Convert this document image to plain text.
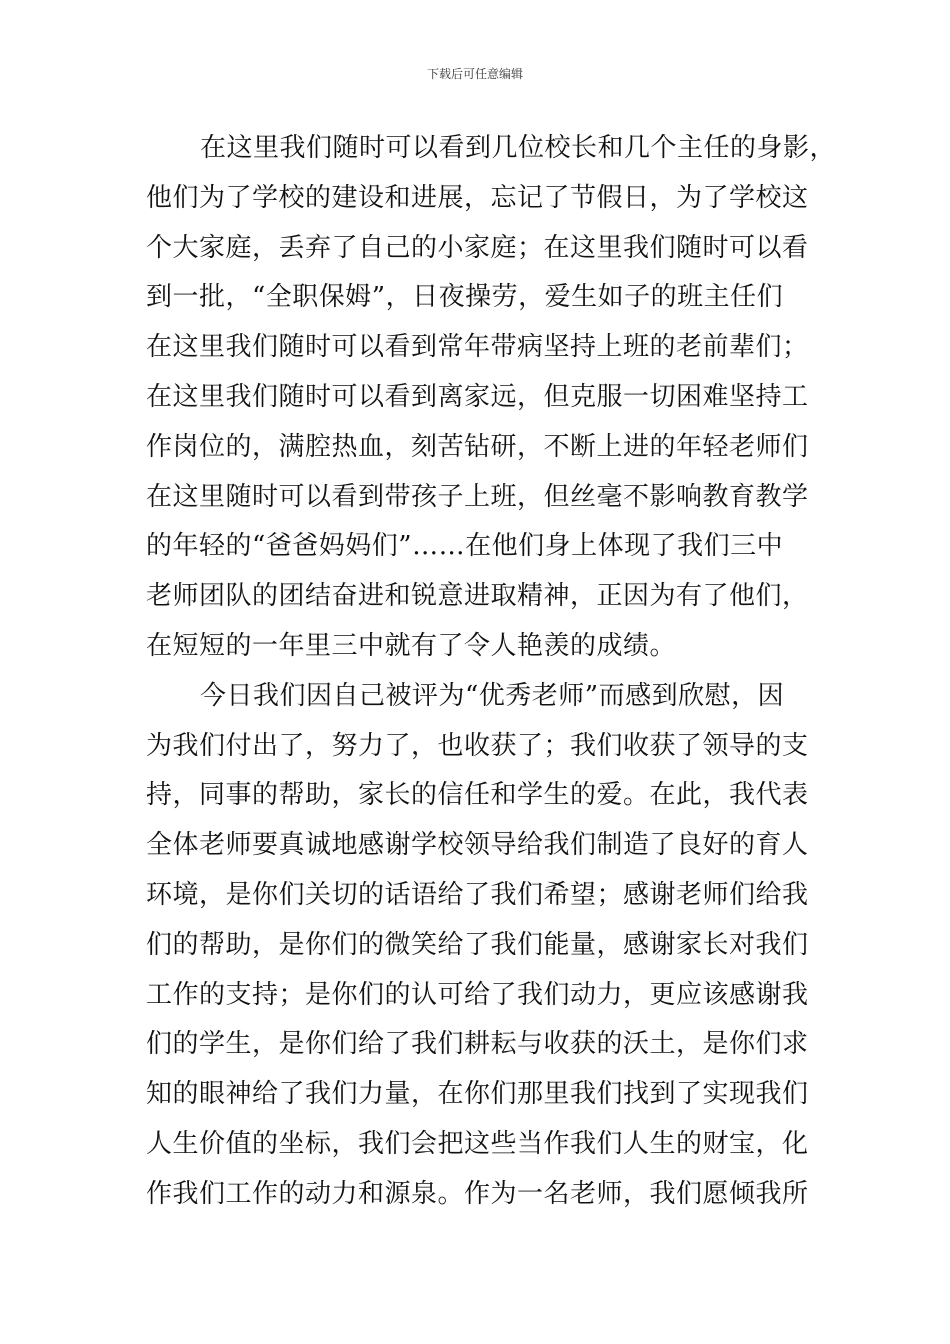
下载后可任意编辑
在这里我们随时可以看到几位校长和几个主任的身影，
他们为了学校的建设和进展，忘记了节假日，为了学校这
个大家庭，丢弃了自己的小家庭；在这里我们随时可以看
到一批，“全职保姆”，日夜操劳，爱生如子的班主任们
在这里我们随时可以看到常年带病坚持上班的老前辈们；
在这里我们随时可以看到离家远，但克服一切困难坚持工
作岗位的，满腔热血，刻苦钻研，不断上进的年轻老师们
在这里随时可以看到带孩子上班，但丝毫不影响教育教学
的年轻的“爸爸妈妈们”……在他们身上体现了我们三中
老师团队的团结奋进和锐意进取精神，正因为有了他们，
在短短的一年里三中就有了令人艳羡的成绩。
今日我们因自己被评为“优秀老师”而感到欣慰，因
为我们付出了，努力了，也收获了；我们收获了领导的支
持，同事的帮助，家长的信任和学生的爱。在此，我代表
全体老师要真诚地感谢学校领导给我们制造了良好的育人
环境，是你们关切的话语给了我们希望；感谢老师们给我
们的帮助，是你们的微笑给了我们能量，感谢家长对我们
工作的支持；是你们的认可给了我们动力，更应该感谢我
们的学生，是你们给了我们耕耘与收获的沃土，是你们求
知的眼神给了我们力量，在你们那里我们找到了实现我们
人生价值的坐标，我们会把这些当作我们人生的财宝，化
作我们工作的动力和源泉。作为一名老师，我们愿倾我所
